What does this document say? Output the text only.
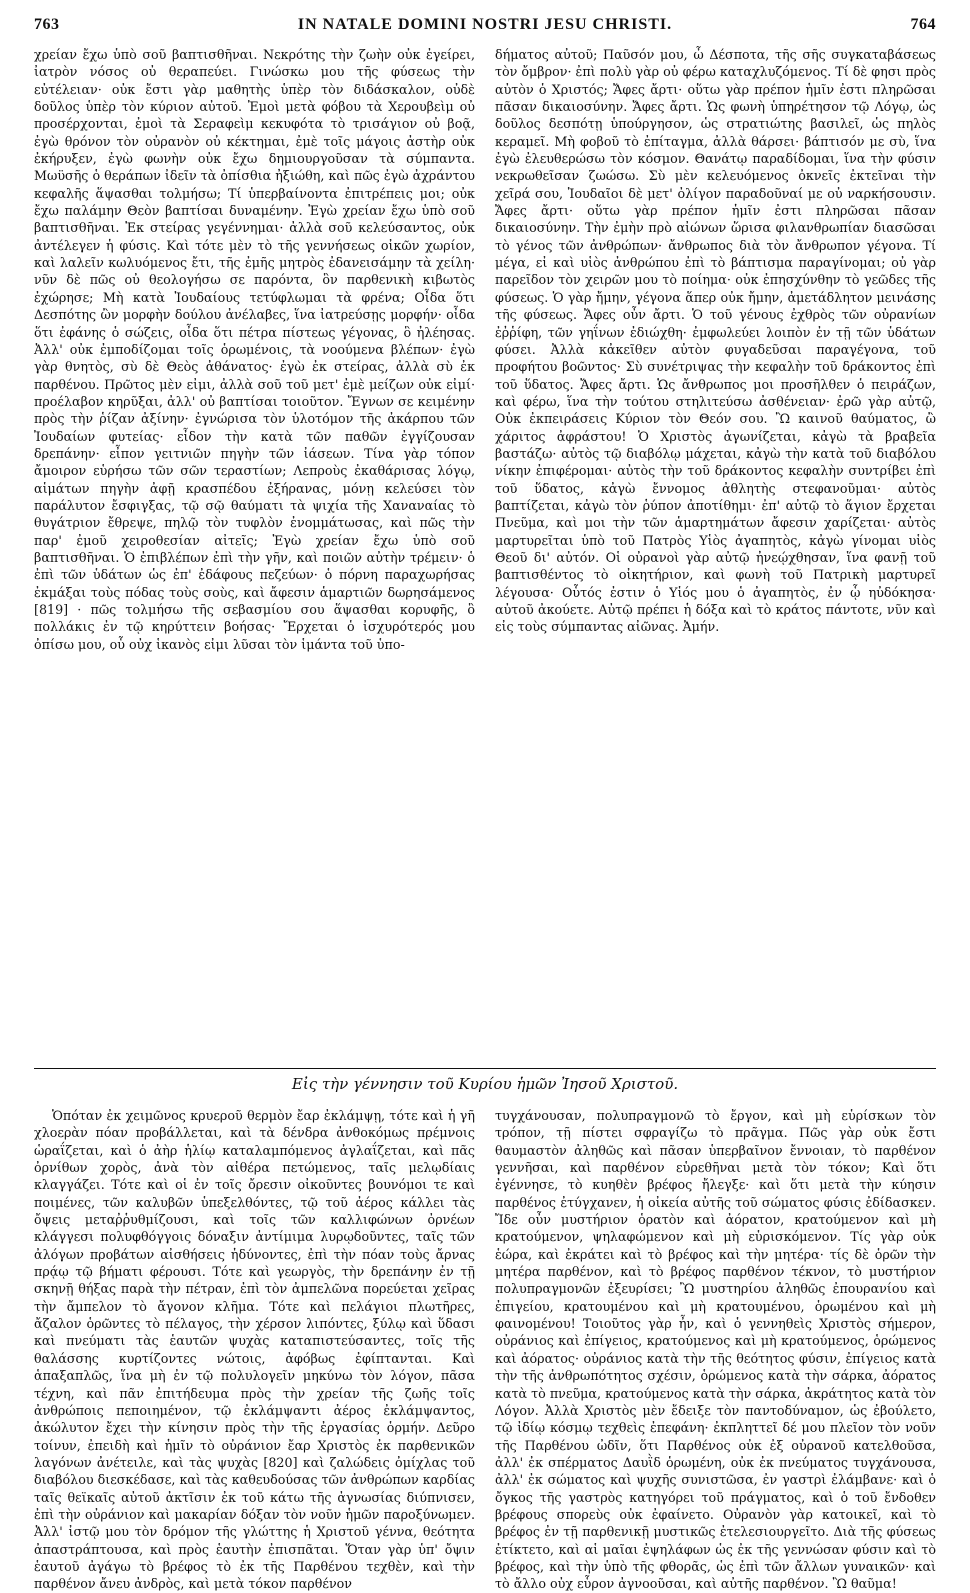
763	IN NATALE DOMINI NOSTRI JESU CHRISTI.	764

χρείαν ἔχω ὑπὸ σοῦ βαπτισθῆναι. Νεκρότης τὴν ζωὴν οὐκ ἐγείρει, ἰατρὸν νόσος οὐ θεραπεύει. Γινώσκω μου τῆς φύσεως τὴν εὐτέλειαν· οὐκ ἔστι γὰρ μαθητὴς ὑπὲρ τὸν διδάσκαλον, οὐδὲ δοῦλος ὑπὲρ τὸν κύριον αὐτοῦ. Ἐμοὶ μετὰ φόβου τὰ Χερουβεὶμ οὐ προσέρχονται, ἐμοὶ τὰ Σεραφεὶμ κεκυφότα τὸ τρισάγιον οὐ βοᾷ, ἐγὼ θρόνον τὸν οὐρανὸν οὐ κέκτημαι, ἐμὲ τοῖς μάγοις ἀστὴρ οὐκ ἐκήρυξεν, ἐγὼ φωνὴν οὐκ ἔχω δημιουργοῦσαν τὰ σύμπαντα. Μωϋσῆς ὁ θεράπων ἰδεῖν τὰ ὀπίσθια ἠξιώθη, καὶ πῶς ἐγὼ ἀχράντου κεφαλῆς ἅψασθαι τολμήσω; Τί ὑπερβαίνοντα ἐπιτρέπεις μοι; οὐκ ἔχω παλάμην Θεὸν βαπτίσαι δυναμένην. Ἐγὼ χρείαν ἔχω ὑπὸ σοῦ βαπτισθῆναι. Ἐκ στείρας γεγέννημαι· ἀλλὰ σοῦ κελεύσαντος, οὐκ ἀντέλεγεν ἡ φύσις. Καὶ τότε μὲν τὸ τῆς γεννήσεως οἰκῶν χωρίον, καὶ λαλεῖν κωλυόμενος ἔτι, τῆς ἐμῆς μητρὸς ἐδανεισάμην τὰ χείλη· νῦν δὲ πῶς οὐ θεολογήσω σε παρόντα, ὃν παρθενικὴ κιβωτὸς ἐχώρησε; Μὴ κατὰ Ἰουδαίους τετύφλωμαι τὰ φρένα; Οἶδα ὅτι Δεσπότης ὢν μορφὴν δούλου ἀνέλαβες, ἵνα ἰατρεύσῃς μορφήν· οἶδα ὅτι ἐφάνης ὁ σώζεις, οἶδα ὅτι πέτρα πίστεως γέγονας, ὃ ἠλέησας. Ἀλλ' οὐκ ἐμποδίζομαι τοῖς ὁρωμένοις, τὰ νοούμενα βλέπων· ἐγὼ γὰρ θνητὸς, σὺ δὲ Θεὸς ἀθάνατος· ἐγὼ ἐκ στείρας, ἀλλὰ σὺ ἐκ παρθένου. Πρῶτος μὲν εἰμι, ἀλλὰ σοῦ τοῦ μετ' ἐμὲ μείζων οὐκ εἰμί· προέλαβον κηρῦξαι, ἀλλ' οὐ βαπτίσαι τοιοῦτον. Ἔγνων σε κειμένην πρὸς τὴν ῥίζαν ἀξίνην· ἐγνώρισα τὸν ὑλοτόμον τῆς ἀκάρπου τῶν Ἰουδαίων φυτείας· εἶδον τὴν κατὰ τῶν παθῶν ἐγγίζουσαν δρεπάνην· εἶπον γειτνιῶν πηγὴν τῶν ἰάσεων. Τίνα γὰρ τόπον ἄμοιρον εὑρήσω τῶν σῶν τεραστίων; Λεπροὺς ἐκαθάρισας λόγῳ, αἱμάτων πηγὴν ἀφῇ κρασπέδου ἐξήρανας, μόνῃ κελεύσει τὸν παράλυτον ἔσφιγξας, τῷ σῷ θαύματι τὰ ψιχία τῆς Χαναναίας τὸ θυγάτριον ἔθρεψε, πηλῷ τὸν τυφλὸν ἐνομμάτωσας, καὶ πῶς τὴν παρ' ἐμοῦ χειροθεσίαν αἰτεῖς; Ἐγὼ χρείαν ἔχω ὑπὸ σοῦ βαπτισθῆναι. Ὁ ἐπιβλέπων ἐπὶ τὴν γῆν, καὶ ποιῶν αὐτὴν τρέμειν· ὁ ἐπὶ τῶν ὑδάτων ὡς ἐπ' ἐδάφους πεζεύων· ὁ πόρνη παραχωρήσας ἐκμάξαι τοὺς πόδας τοὺς σοὺς, καὶ ἄφεσιν ἁμαρτιῶν δωρησάμενος [819] · πῶς τολμήσω τῆς σεβασμίου σου ἅψασθαι κορυφῆς, ὃ πολλάκις ἐν τῷ κηρύττειν βοήσας· Ἔρχεται ὁ ἰσχυρότερός μου ὀπίσω μου, οὗ οὐχ ἱκανὸς εἰμι λῦσαι τὸν ἱμάντα τοῦ ὑπο-

δήματος αὐτοῦ; Παῦσόν μου, ὦ Δέσποτα, τῆς σῆς συγκαταβάσεως τὸν ὄμβρον· ἐπὶ πολὺ γὰρ οὐ φέρω καταχλυζόμενος. Τί δὲ φησι πρὸς αὐτὸν ὁ Χριστός; Ἄφες ἄρτι· οὕτω γὰρ πρέπον ἡμῖν ἐστι πληρῶσαι πᾶσαν δικαιοσύνην. Ἄφες ἄρτι. Ὡς φωνὴ ὑπηρέτησον τῷ Λόγῳ, ὡς δοῦλος δεσπότῃ ὑπούργησον, ὡς στρατιώτης βασιλεῖ, ὡς πηλὸς κεραμεῖ. Μὴ φοβοῦ τὸ ἐπίταγμα, ἀλλὰ θάρσει· βάπτισόν με σὺ, ἵνα ἐγὼ ἐλευθερώσω τὸν κόσμον. Θανάτῳ παραδίδομαι, ἵνα τὴν φύσιν νεκρωθεῖσαν ζωώσω. Σὺ μὲν κελευόμενος ὀκνεῖς ἐκτεῖναι τὴν χεῖρά σου, Ἰουδαῖοι δὲ μετ' ὀλίγον παραδοῦναί με οὐ ναρκήσουσιν. Ἄφες ἄρτι· οὕτω γὰρ πρέπον ἡμῖν ἐστι πληρῶσαι πᾶσαν δικαιοσύνην. Τὴν ἐμὴν πρὸ αἰώνων ὥρισα φιλανθρωπίαν διασῶσαι τὸ γένος τῶν ἀνθρώπων· ἄνθρωπος διὰ τὸν ἄνθρωπον γέγονα. Τί μέγα, εἰ καὶ υἱὸς ἀνθρώπου ἐπὶ τὸ βάπτισμα παραγίνομαι; οὐ γὰρ παρεῖδον τὸν χειρῶν μου τὸ ποίημα· οὐκ ἐπησχύνθην τὸ γεῶδες τῆς φύσεως. Ὁ γὰρ ἤμην, γέγονα ἅπερ οὐκ ἤμην, ἀμετάδλητον μεινάσης τῆς φύσεως. Ἄφες οὖν ἄρτι. Ὁ τοῦ γένους ἐχθρὸς τῶν οὐρανίων ἐῤῥίφη, τῶν γηΐνων ἐδιώχθη· ἐμφωλεύει λοιπὸν ἐν τῇ τῶν ὑδάτων φύσει. Ἀλλὰ κἀκεῖθεν αὐτὸν φυγαδεῦσαι παραγέγονα, τοῦ προφήτου βοῶντος· Σὺ συνέτριψας τὴν κεφαλὴν τοῦ δράκοντος ἐπὶ τοῦ ὕδατος. Ἄφες ἄρτι. Ὡς ἄνθρωπος μοι προσῆλθεν ὁ πειράζων, καὶ φέρω, ἵνα τὴν τούτου στηλιτεύσω ἀσθένειαν· ἐρῶ γὰρ αὐτῷ, Οὐκ ἐκπειράσεις Κύριον τὸν Θεόν σου. Ὢ καινοῦ θαύματος, ὢ χάριτος ἀφράστου! Ὁ Χριστὸς ἀγωνίζεται, κἀγὼ τὰ βραβεῖα βαστάζω· αὐτὸς τῷ διαβόλῳ μάχεται, κἀγὼ τὴν κατὰ τοῦ διαβόλου νίκην ἐπιφέρομαι· αὐτὸς τὴν τοῦ δράκοντος κεφαλὴν συντρίβει ἐπὶ τοῦ ὕδατος, κἀγὼ ἔννομος ἀθλητὴς στεφανοῦμαι· αὐτὸς βαπτίζεται, κἀγὼ τὸν ῥύπον ἀποτίθημι· ἐπ' αὐτῷ τὸ ἅγιον ἔρχεται Πνεῦμα, καὶ μοι τὴν τῶν ἁμαρτημάτων ἄφεσιν χαρίζεται· αὐτὸς μαρτυρεῖται ὑπὸ τοῦ Πατρὸς Υἱὸς ἀγαπητὸς, κἀγὼ γίνομαι υἱὸς Θεοῦ δι' αὐτόν. Οἱ οὐρανοὶ γὰρ αὐτῷ ἠνεῴχθησαν, ἵνα φανῇ τοῦ βαπτισθέντος τὸ οἰκητήριον, καὶ φωνὴ τοῦ Πατρικὴ μαρτυρεῖ λέγουσα· Οὗτός ἐστιν ὁ Υἱός μου ὁ ἀγαπητὸς, ἐν ᾧ ηὐδόκησα· αὐτοῦ ἀκούετε. Αὐτῷ πρέπει ἡ δόξα καὶ τὸ κράτος πάντοτε, νῦν καὶ εἰς τοὺς σύμπαντας αἰῶνας. Ἀμήν.

Εἰς τὴν γέννησιν τοῦ Κυρίου ἡμῶν Ἰησοῦ Χριστοῦ.

Ὁπόταν ἐκ χειμῶνος κρυεροῦ θερμὸν ἔαρ ἐκλάμψῃ, τότε καὶ ἡ γῆ χλοερὰν πόαν προβάλλεται, καὶ τὰ δένδρα ἀνθοκόμως πρέμνοις ὡραΐζεται, καὶ ὁ ἀὴρ ἡλίῳ καταλαμπόμενος ἀγλαΐζεται, καὶ πᾶς ὀρνίθων χορὸς, ἀνὰ τὸν αἰθέρα πετώμενος, ταῖς μελῳδίαις κλαγγάζει. Τότε καὶ οἱ ἐν τοῖς ὄρεσιν οἰκοῦντες βουνόμοι τε καὶ ποιμένες, τῶν καλυβῶν ὑπεξελθόντες, τῷ τοῦ ἀέρος κάλλει τὰς ὄψεις μεταῤῥυθμίζουσι, καὶ τοῖς τῶν καλλιφώνων ὀρνέων κλάγγεσι πολυφθόγγοις δόναξιν ἀντίμιμα λυρῳδοῦντες, ταῖς τῶν ἀλόγων προβάτων αἰσθήσεις ἡδύνοντες, ἐπὶ τὴν πόαν τοὺς ἄρνας πρᾴῳ τῷ βήματι φέρουσι. Τότε καὶ γεωργὸς, τὴν δρεπάνην ἐν τῇ σκηνῇ θήξας παρὰ τὴν πέτραν, ἐπὶ τὸν ἀμπελῶνα πορεύεται χεῖρας τὴν ἄμπελον τὸ ἄγονον κλῆμα. Τότε καὶ πελάγιοι πλωτῆρες, ἄζαλον ὁρῶντες τὸ πέλαγος, τὴν χέρσον λιπόντες, ξύλῳ καὶ ὕδασι καὶ πνεύματι τὰς ἑαυτῶν ψυχὰς καταπιστεύσαντες, τοῖς τῆς θαλάσσης κυρτίζοντες νώτοις, ἀφόβως ἐφίπτανται. Καὶ ἁπαξαπλῶς, ἵνα μὴ ἐν τῷ πολυλογεῖν μηκύνω τὸν λόγον, πᾶσα τέχνη, καὶ πᾶν ἐπιτήδευμα πρὸς τὴν χρείαν τῆς ζωῆς τοῖς ἀνθρώποις πεποιημένον, τῷ ἐκλάμψαντι ἀέρος ἐκλάμψαντος, ἀκώλυτον ἔχει τὴν κίνησιν πρὸς τὴν τῆς ἐργασίας ὁρμήν. Δεῦρο τοίνυν, ἐπειδὴ καὶ ἡμῖν τὸ οὐράνιον ἔαρ Χριστὸς ἐκ παρθενικῶν λαγόνων ἀνέτειλε, καὶ τὰς ψυχὰς [820] καὶ ζαλώδεις ὀμίχλας τοῦ διαβόλου διεσκέδασε, καὶ τὰς καθευδούσας τῶν ἀνθρώπων καρδίας ταῖς θεϊκαῖς αὐτοῦ ἀκτῖσιν ἐκ τοῦ κάτω τῆς ἀγνωσίας διύπνισεν, ἐπὶ τὴν οὐράνιον καὶ μακαρίαν δόξαν τὸν νοῦν ἡμῶν παροξύνωμεν. Ἀλλ' ἰστῷ μου τὸν δρόμον τῆς γλώττης ἡ Χριστοῦ γέννα, θεότητα ἀπαστράπτουσα, καὶ πρὸς ἑαυτὴν ἐπισπᾶται. Ὅταν γὰρ ὑπ' ὄψιν ἑαυτοῦ ἀγάγω τὸ βρέφος τὸ ἐκ τῆς Παρθένου τεχθὲν, καὶ τὴν παρθένον ἄνευ ἀνδρὸς, καὶ μετὰ τόκον παρθένον

τυγχάνουσαν, πολυπραγμονῶ τὸ ἔργον, καὶ μὴ εὑρίσκων τὸν τρόπον, τῇ πίστει σφραγίζω τὸ πρᾶγμα. Πῶς γὰρ οὐκ ἔστι θαυμαστὸν ἀληθῶς καὶ πᾶσαν ὑπερβαῖνον ἔννοιαν, τὸ παρθένον γεννῆσαι, καὶ παρθένον εὑρεθῆναι μετὰ τὸν τόκον; Καὶ ὅτι ἐγέννησε, τὸ κυηθὲν βρέφος ἤλεγξε· καὶ ὅτι μετὰ τὴν κύησιν παρθένος ἐτύγχανεν, ἡ οἰκεία αὐτῆς τοῦ σώματος φύσις ἐδίδασκεν. Ἴδε οὖν μυστήριον ὁρατὸν καὶ ἀόρατον, κρατούμενον καὶ μὴ κρατούμενον, ψηλαφώμενον καὶ μὴ εὑρισκόμενον. Τίς γὰρ οὐκ ἑώρα, καὶ ἐκράτει καὶ τὸ βρέφος καὶ τὴν μητέρα· τίς δὲ ὁρῶν τὴν μητέρα παρθένον, καὶ τὸ βρέφος παρθένον τέκνον, τὸ μυστήριον πολυπραγμονῶν ἐξευρίσει; Ὢ μυστηρίου ἀληθῶς ἐπουρανίου καὶ ἐπιγείου, κρατουμένου καὶ μὴ κρατουμένου, ὁρωμένου καὶ μὴ φαινομένου! Τοιοῦτος γὰρ ἦν, καὶ ὁ γεννηθεὶς Χριστὸς σήμερον, οὐράνιος καὶ ἐπίγειος, κρατούμενος καὶ μὴ κρατούμενος, ὁρώμενος καὶ ἀόρατος· οὐράνιος κατὰ τὴν τῆς θεότητος φύσιν, ἐπίγειος κατὰ τὴν τῆς ἀνθρωπότητος σχέσιν, ὁρώμενος κατὰ τὴν σάρκα, ἀόρατος κατὰ τὸ πνεῦμα, κρατούμενος κατὰ τὴν σάρκα, ἀκράτητος κατὰ τὸν Λόγον. Ἀλλὰ Χριστὸς μὲν ἔδειξε τὸν παντοδύναμον, ὡς ἐβούλετο, τῷ ἰδίῳ κόσμῳ τεχθεὶς ἐπεφάνη· ἐκπληττεῖ δέ μου πλεῖον τὸν νοῦν τῆς Παρθένου ὠδῖν, ὅτι Παρθένος οὐκ ἐξ οὐρανοῦ κατελθοῦσα, ἀλλ' ἐκ σπέρματος Δαυῒδ ὁρωμένη, οὐκ ἐκ πνεύματος τυγχάνουσα, ἀλλ' ἐκ σώματος καὶ ψυχῆς συνιστῶσα, ἐν γαστρὶ ἐλάμβανε· καὶ ὁ ὄγκος τῆς γαστρὸς κατηγόρει τοῦ πράγματος, καὶ ὁ τοῦ ἔνδοθεν βρέφους σπορεὺς οὐκ ἐφαίνετο. Οὐρανὸν γὰρ κατοικεῖ, καὶ τὸ βρέφος ἐν τῇ παρθενικῇ μυστικῶς ἐτελεσιουργεῖτο. Διὰ τῆς φύσεως ἐτίκτετο, καὶ αἱ μαῖαι ἐψηλάφων ὡς ἐκ τῆς γεννώσαν φύσιν καὶ τὸ βρέφος, καὶ τὴν ὑπὸ τῆς φθορᾶς, ὡς ἐπὶ τῶν ἄλλων γυναικῶν· καὶ τὸ ἄλλο οὐχ εὗρον ἀγνοοῦσαι, καὶ αὐτῆς παρθένον. Ὢ θαῦμα!
